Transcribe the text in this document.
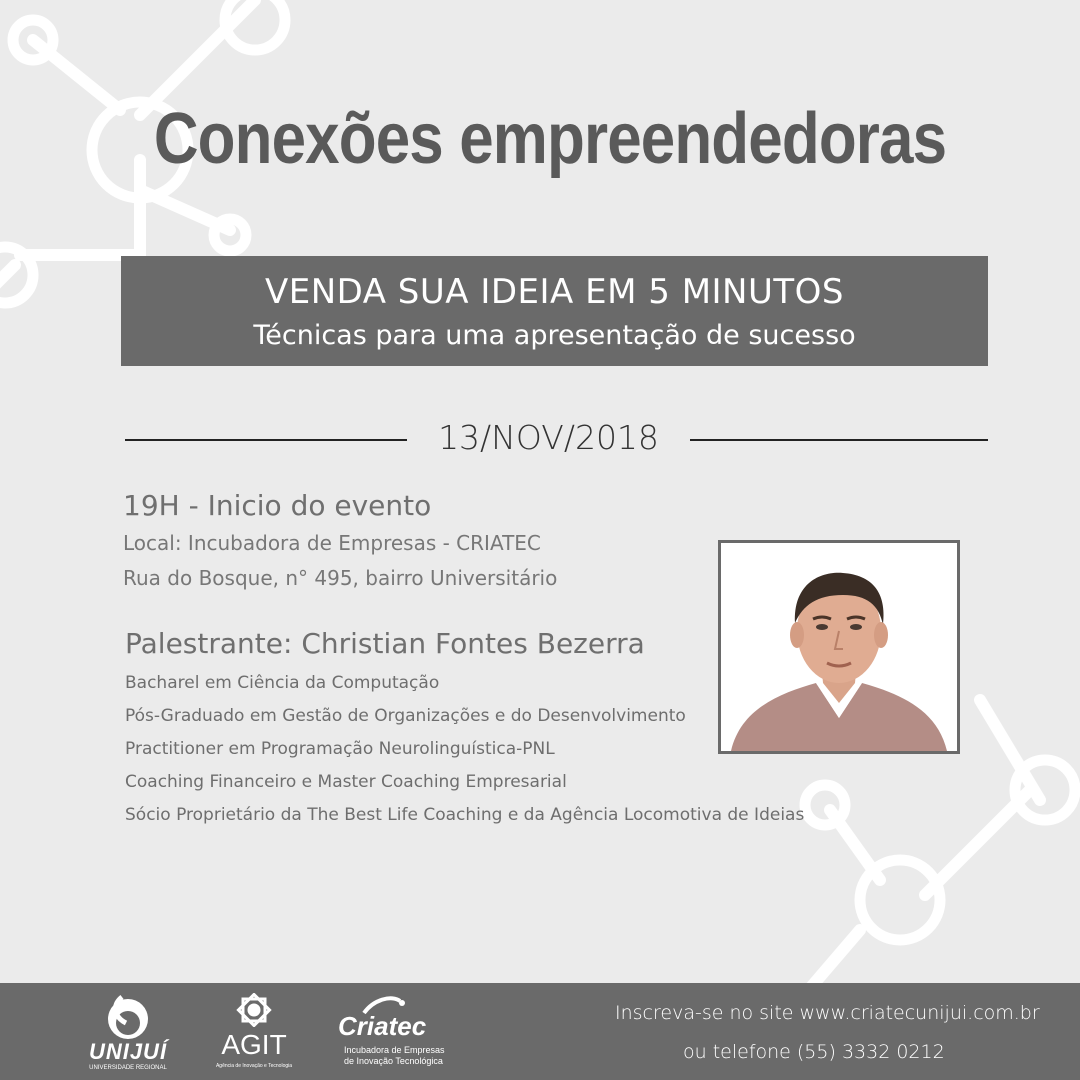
Conexões empreendedoras
VENDA SUA IDEIA EM 5 MINUTOS
Técnicas para uma apresentação de sucesso
13/NOV/2018
19H - Inicio do evento
Local: Incubadora de Empresas - CRIATEC
Rua do Bosque, n° 495, bairro Universitário
Palestrante: Christian Fontes Bezerra
Bacharel em Ciência da Computação
Pós-Graduado em Gestão de Organizações e do Desenvolvimento
Practitioner em Programação Neurolinguística-PNL
Coaching Financeiro e Master Coaching Empresarial
Sócio Proprietário da The Best Life Coaching e da Agência Locomotiva de Ideias
UNIJUÍ
UNIVERSIDADE REGIONAL
AGIT
Agência de Inovação e Tecnologia
Criatec
Incubadora de Empresas
de Inovação Tecnológica
Inscreva-se no site www.criatecunijui.com.br
ou telefone (55) 3332 0212
